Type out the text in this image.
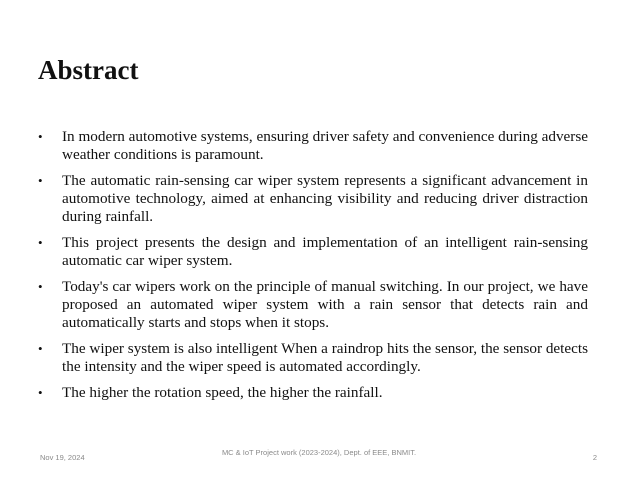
Abstract
• In modern automotive systems, ensuring driver safety and convenience during adverse weather conditions is paramount.
• The automatic rain-sensing car wiper system represents a significant advancement in automotive technology, aimed at enhancing visibility and reducing driver distraction during rainfall.
• This project presents the design and implementation of an intelligent rain-sensing automatic car wiper system.
• Today's car wipers work on the principle of manual switching. In our project, we have proposed an automated wiper system with a rain sensor that detects rain and automatically starts and stops when it stops.
• The wiper system is also intelligent When a raindrop hits the sensor, the sensor detects the intensity and the wiper speed is automated accordingly.
• The higher the rotation speed, the higher the rainfall.
Nov 19, 2024
MC & IoT Project work (2023-2024), Dept. of EEE, BNMIT.
2
